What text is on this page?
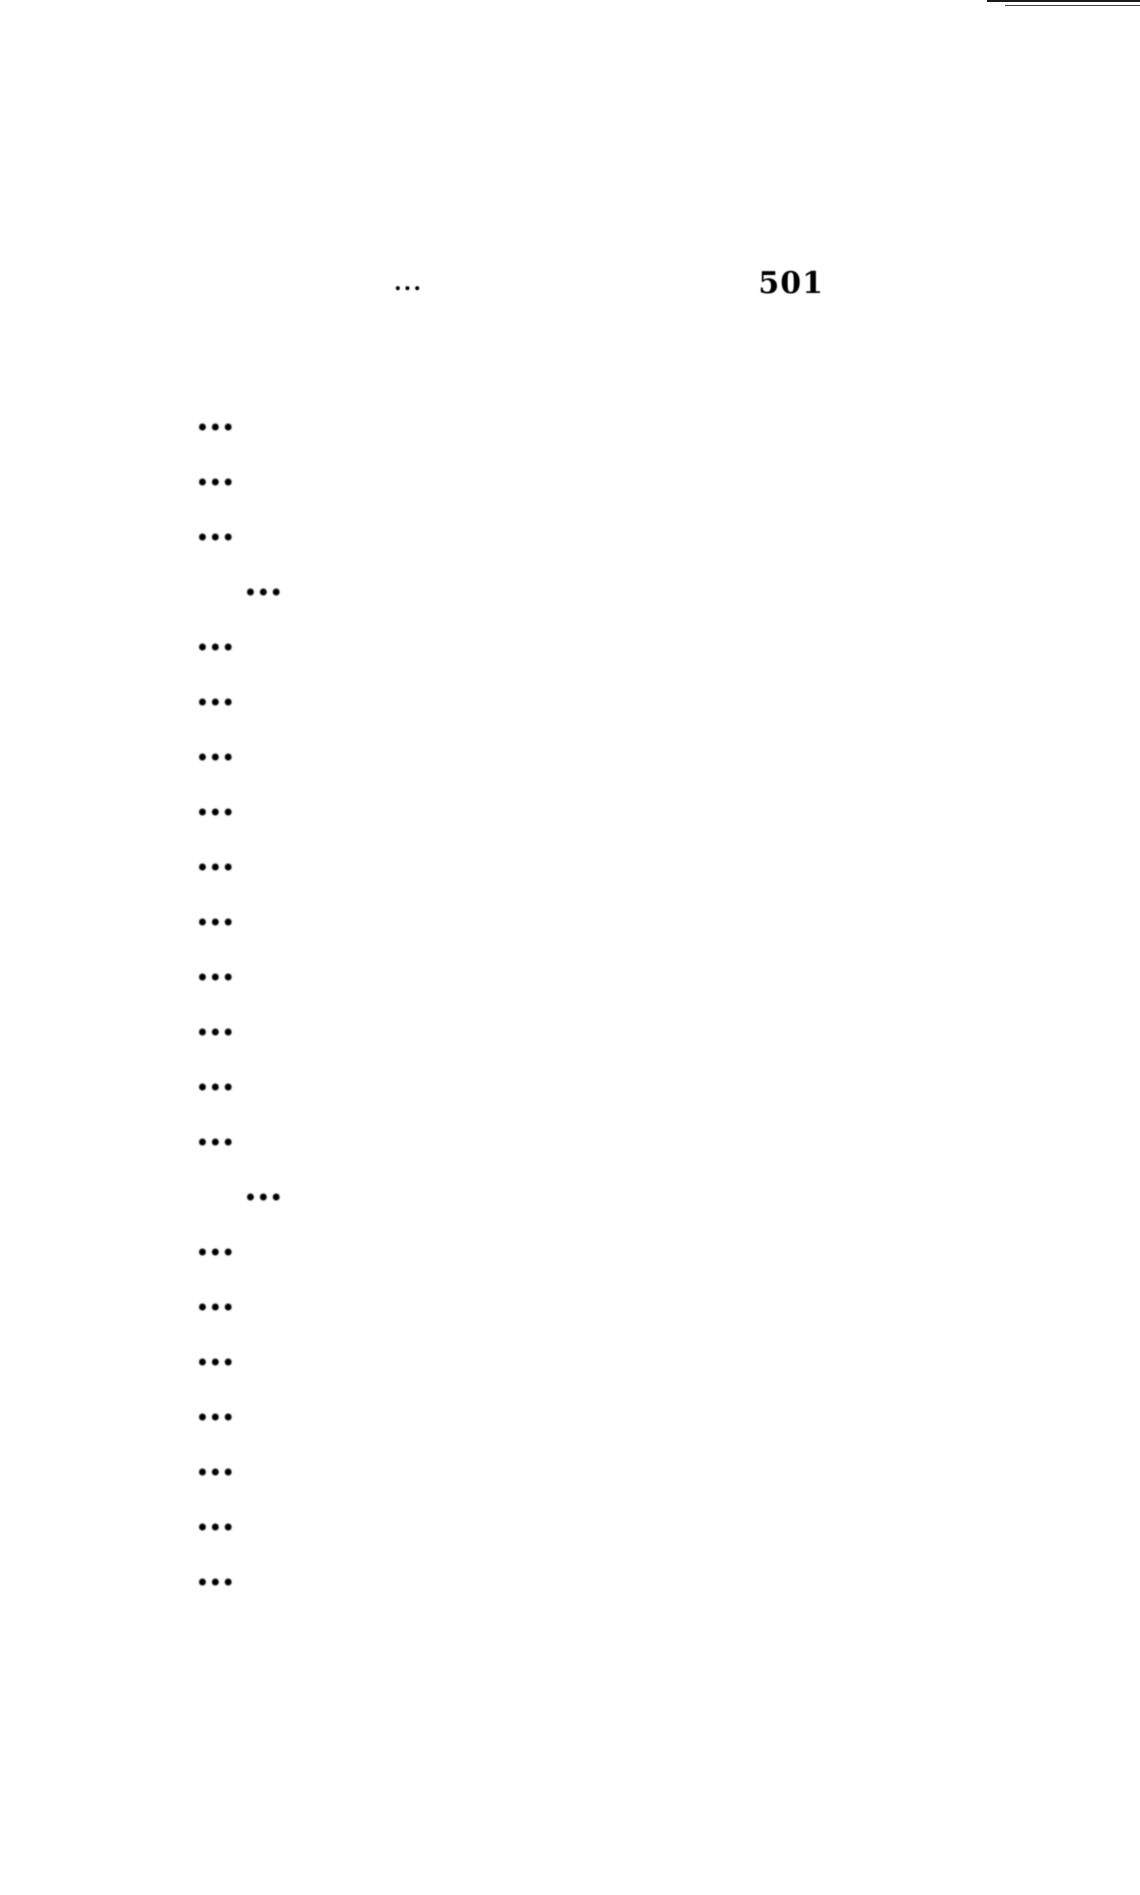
...	501
...
...
...
...
...
...
...
...
...
...
...
...
...
...
...
...
...
...
...
...
...
...
